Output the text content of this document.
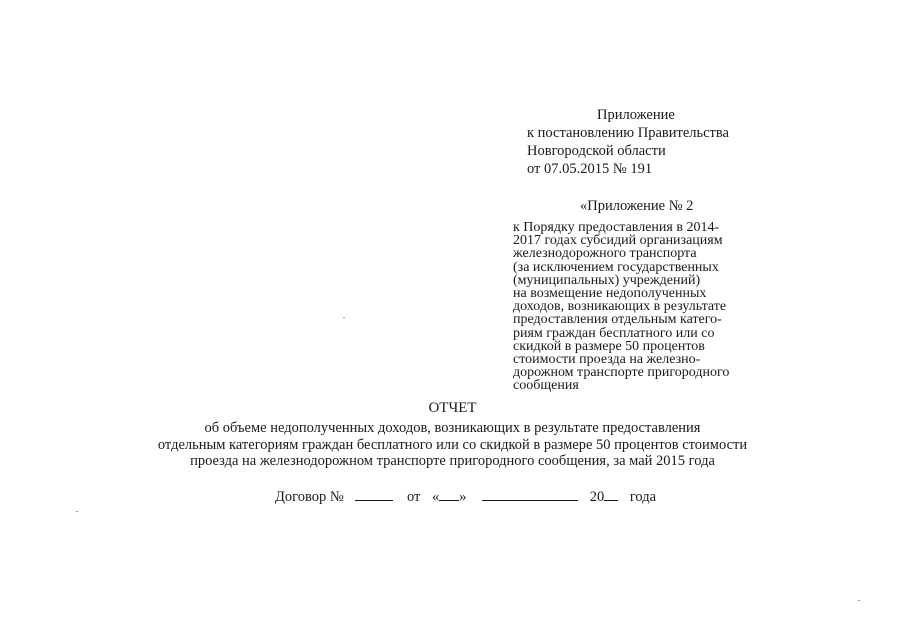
Приложение
к постановлению Правительства
Новгородской области
от 07.05.2015 № 191
«Приложение № 2
к Порядку предоставления в 2014-
2017 годах субсидий организациям
железнодорожного транспорта
(за исключением государственных
(муниципальных) учреждений)
на возмещение недополученных
доходов, возникающих в результате
предоставления отдельным катего-
риям граждан бесплатного или со
скидкой в размере 50 процентов
стоимости проезда на железно-
дорожном транспорте пригородного
сообщения
ОТЧЕТ
об объеме недополученных доходов, возникающих в результате предоставления
отдельным категориям граждан бесплатного или со скидкой в размере 50 процентов стоимости
проезда на железнодорожном транспорте пригородного сообщения, за май 2015 года
Договор №	от « »	20 года
